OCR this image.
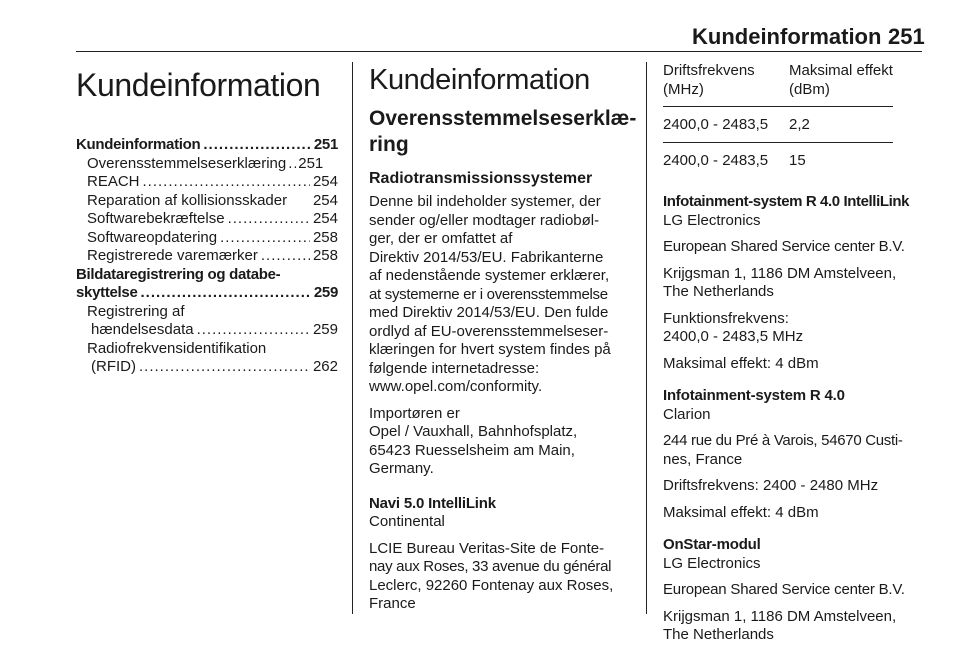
Kundeinformation 251
Kundeinformation
Kundeinformation .....	251
Overensstemmelseserklæring ..... 251
REACH .....	254
Reparation af kollisionsskader 254
Softwarebekræftelse .....	254
Softwareopdatering .....	258
Registrerede varemærker .....	258
Bildataregistrering og databe-
skyttelse .....	259
Registrering af
hændelsesdata .....	259
Radiofrekvensidentifikation
(RFID) .....	262
Kundeinformation
Overensstemmelseserklæ-
ring
Radiotransmissionssystemer

Denne bil indeholder systemer, der
sender og/eller modtager radiobøl-
ger, der er omfattet af
Direktiv 2014/53/EU. Fabrikanterne
af nedenstående systemer erklærer,
at systemerne er i overensstemmelse
med Direktiv 2014/53/EU. Den fulde
ordlyd af EU-overensstemmelseser-
klæringen for hvert system findes på
følgende internetadresse:
www.opel.com/conformity.

Importøren er
Opel / Vauxhall, Bahnhofsplatz,
65423 Ruesselsheim am Main,
Germany.

Navi 5.0 IntelliLink

Continental

LCIE Bureau Veritas-Site de Fonte-
nay aux Roses, 33 avenue du général
Leclerc, 92260 Fontenay aux Roses,
France

Driftsfrekvens
(MHz)	Maksimal effekt
(dBm)
2400,0 - 2483,5	2,2
2400,0 - 2483,5	15
Infotainment-system R 4.0 IntelliLink

LG Electronics

European Shared Service center B.V.

Krijgsman 1, 1186 DM Amstelveen,
The Netherlands

Funktionsfrekvens:
2400,0 - 2483,5 MHz

Maksimal effekt: 4 dBm

Infotainment-system R 4.0

Clarion

244 rue du Pré à Varois, 54670 Custi-
nes, France

Driftsfrekvens: 2400 - 2480 MHz

Maksimal effekt: 4 dBm

OnStar-modul

LG Electronics

European Shared Service center B.V.

Krijgsman 1, 1186 DM Amstelveen,
The Netherlands
